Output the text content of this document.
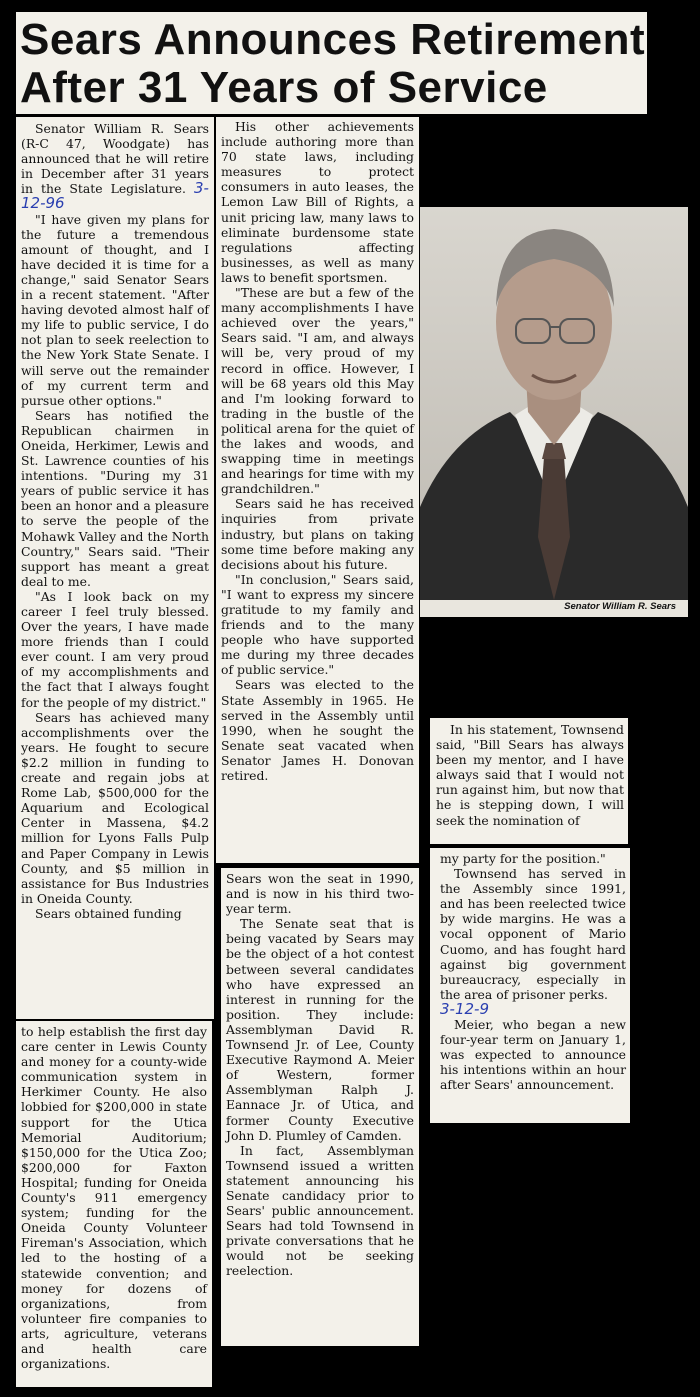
Sears Announces Retirement
After 31 Years of Service

Senator William R. Sears (R-C 47, Woodgate) has announced that he will retire in December after 31 years in the State Legislature. 3-12-96

"I have given my plans for the future a tremendous amount of thought, and I have decided it is time for a change," said Senator Sears in a recent statement. "After having devoted almost half of my life to public service, I do not plan to seek reelection to the New York State Senate. I will serve out the remainder of my current term and pursue other options."

Sears has notified the Republican chairmen in Oneida, Herkimer, Lewis and St. Lawrence counties of his intentions. "During my 31 years of public service it has been an honor and a pleasure to serve the people of the Mohawk Valley and the North Country," Sears said. "Their support has meant a great deal to me.

"As I look back on my career I feel truly blessed. Over the years, I have made more friends than I could ever count. I am very proud of my accomplishments and the fact that I always fought for the people of my district."

Sears has achieved many accomplishments over the years. He fought to secure $2.2 million in funding to create and regain jobs at Rome Lab, $500,000 for the Aquarium and Ecological Center in Massena, $4.2 million for Lyons Falls Pulp and Paper Company in Lewis County, and $5 million in assistance for Bus Industries in Oneida County.

Sears obtained funding

to help establish the first day care center in Lewis County and money for a county-wide communication system in Herkimer County. He also lobbied for $200,000 in state support for the Utica Memorial Auditorium; $150,000 for the Utica Zoo; $200,000 for Faxton Hospital; funding for Oneida County's 911 emergency system; funding for the Oneida County Volunteer Fireman's Association, which led to the hosting of a statewide convention; and money for dozens of organizations, from volunteer fire companies to arts, agriculture, veterans and health care organizations.

His other achievements include authoring more than 70 state laws, including measures to protect consumers in auto leases, the Lemon Law Bill of Rights, a unit pricing law, many laws to eliminate burdensome state regulations affecting businesses, as well as many laws to benefit sportsmen.

"These are but a few of the many accomplishments I have achieved over the years," Sears said. "I am, and always will be, very proud of my record in office. However, I will be 68 years old this May and I'm looking forward to trading in the bustle of the political arena for the quiet of the lakes and woods, and swapping time in meetings and hearings for time with my grandchildren."

Sears said he has received inquiries from private industry, but plans on taking some time before making any decisions about his future.

"In conclusion," Sears said, "I want to express my sincere gratitude to my family and friends and to the many people who have supported me during my three decades of public service."

Sears was elected to the State Assembly in 1965. He served in the Assembly until 1990, when he sought the Senate seat vacated when Senator James H. Donovan retired.

Sears won the seat in 1990, and is now in his third two-year term.

The Senate seat that is being vacated by Sears may be the object of a hot contest between several candidates who have expressed an interest in running for the position. They include: Assemblyman David R. Townsend Jr. of Lee, County Executive Raymond A. Meier of Western, former Assemblyman Ralph J. Eannace Jr. of Utica, and former County Executive John D. Plumley of Camden.

In fact, Assemblyman Townsend issued a written statement announcing his Senate candidacy prior to Sears' public announcement. Sears had told Townsend in private conversations that he would not be seeking reelection.

Senator William R. Sears

In his statement, Townsend said, "Bill Sears has always been my mentor, and I have always said that I would not run against him, but now that he is stepping down, I will seek the nomination of

my party for the position."

Townsend has served in the Assembly since 1991, and has been reelected twice by wide margins. He was a vocal opponent of Mario Cuomo, and has fought hard against big government bureaucracy, especially in the area of prisoner perks.

3-12-9

Meier, who began a new four-year term on January 1, was expected to announce his intentions within an hour after Sears' announcement.
